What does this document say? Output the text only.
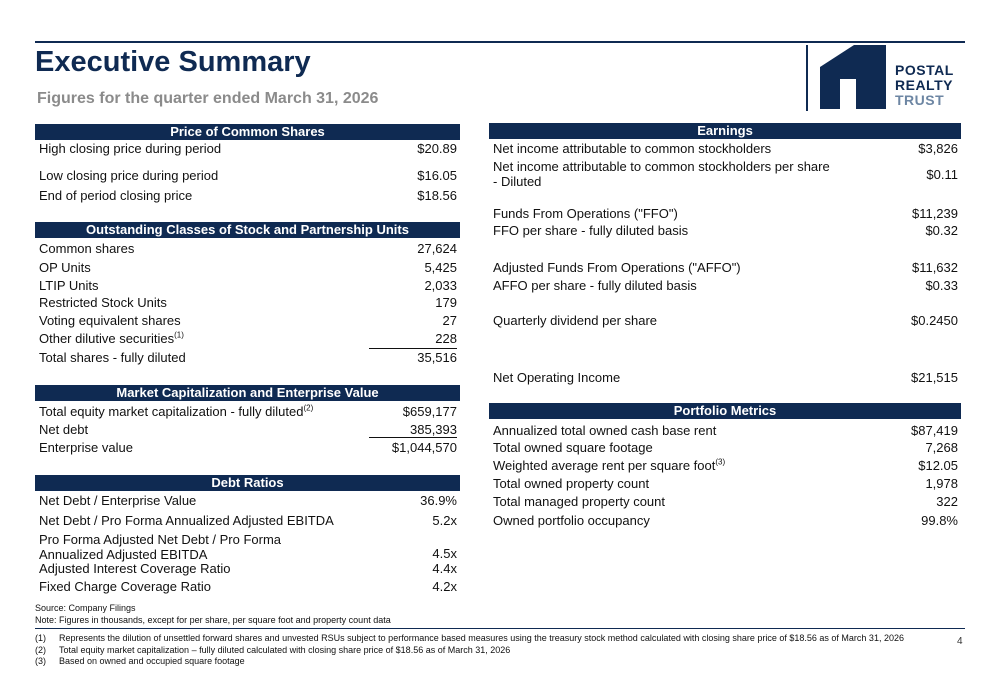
Executive Summary
Figures for the quarter ended March 31, 2026
POSTAL
REALTY
TRUST
Price of Common Shares
High closing price during period	$20.89
Low closing price during period	$16.05
End of period closing price	$18.56
Outstanding Classes of Stock and Partnership Units
Common shares	27,624
OP Units	5,425
LTIP Units	2,033
Restricted Stock Units	179
Voting equivalent shares	27
Other dilutive securities$^{(1)}$	228
Total shares - fully diluted	35,516
Market Capitalization and Enterprise Value
Total equity market capitalization - fully diluted$^{(2)}$	$659,177
Net debt	385,393
Enterprise value	$1,044,570
Debt Ratios
Net Debt / Enterprise Value	36.9%
Net Debt / Pro Forma Annualized Adjusted EBITDA	5.2x
Pro Forma Adjusted Net Debt / Pro Forma
Annualized Adjusted EBITDA	4.5x
Adjusted Interest Coverage Ratio	4.4x
Fixed Charge Coverage Ratio	4.2x
Earnings
Net income attributable to common stockholders	$3,826
Net income attributable to common stockholders per share
- Diluted	$0.11
Funds From Operations ("FFO")	$11,239
FFO per share - fully diluted basis	$0.32
Adjusted Funds From Operations ("AFFO")	$11,632
AFFO per share - fully diluted basis	$0.33
Quarterly dividend per share	$0.2450
Net Operating Income	$21,515
Portfolio Metrics
Annualized total owned cash base rent	$87,419
Total owned square footage	7,268
Weighted average rent per square foot$^{(3)}$	$12.05
Total owned property count	1,978
Total managed property count	322
Owned portfolio occupancy	99.8%
Source: Company Filings
Note: Figures in thousands, except for per share, per square foot and property count data
(1)	Represents the dilution of unsettled forward shares and unvested RSUs subject to performance based measures using the treasury stock method calculated with closing share price of $18.56 as of March 31, 2026
(2)	Total equity market capitalization – fully diluted calculated with closing share price of $18.56 as of March 31, 2026
(3)	Based on owned and occupied square footage
4
